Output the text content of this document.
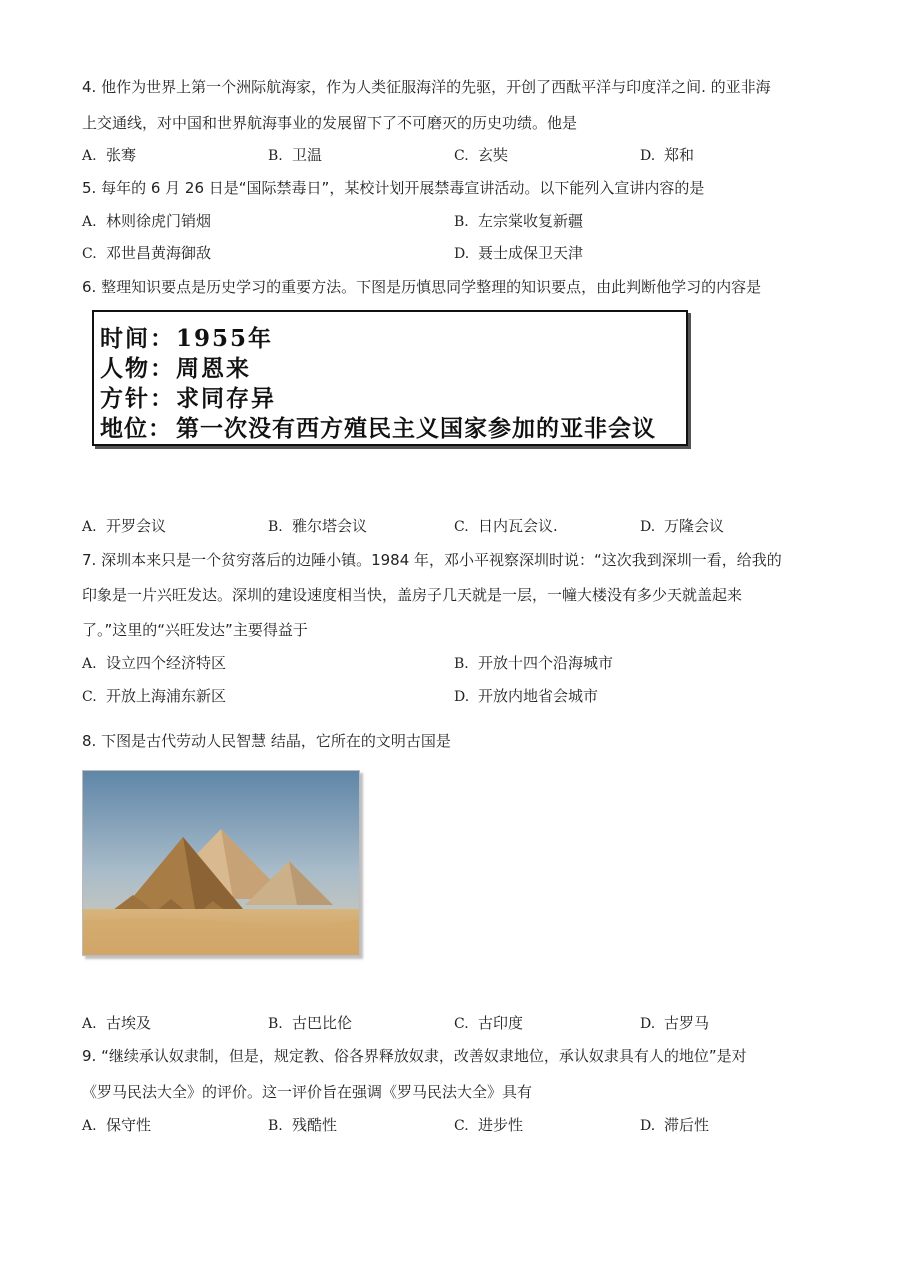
4. 他作为世界上第一个洲际航海家，作为人类征服海洋的先驱，开创了西酞平洋与印度洋之间. 的亚非海
上交通线，对中国和世界航海事业的发展留下了不可磨灭的历史功绩。他是
A. 张骞	B. 卫温	C. 玄奘	D. 郑和
5. 每年的 6 月 26 日是“国际禁毒日”，某校计划开展禁毒宣讲活动。以下能列入宣讲内容的是
A. 林则徐虎门销烟	B. 左宗棠收复新疆
C. 邓世昌黄海御敌	D. 聂士成保卫天津
6. 整理知识要点是历史学习的重要方法。下图是历慎思同学整理的知识要点，由此判断他学习的内容是
时间：1955年
人物：周恩来
方针：求同存异
地位： 第一次没有西方殖民主义国家参加的亚非会议
A. 开罗会议	B. 雅尔塔会议	C. 日内瓦会议.	D. 万隆会议
7. 深圳本来只是一个贫穷落后的边陲小镇。1984 年，邓小平视察深圳时说：“这次我到深圳一看，给我的
印象是一片兴旺发达。深圳的建设速度相当快，盖房子几天就是一层，一幢大楼没有多少天就盖起来
了。”这里的“兴旺发达”主要得益于
A. 设立四个经济特区	B. 开放十四个沿海城市
C. 开放上海浦东新区	D. 开放内地省会城市
8. 下图是古代劳动人民智慧 结晶，它所在的文明古国是
A. 古埃及	B. 古巴比伦	C. 古印度	D. 古罗马
9. “继续承认奴隶制，但是，规定教、俗各界释放奴隶，改善奴隶地位，承认奴隶具有人的地位”是对
《罗马民法大全》的评价。这一评价旨在强调《罗马民法大全》具有
A. 保守性	B. 残酷性	C. 进步性	D. 滞后性
